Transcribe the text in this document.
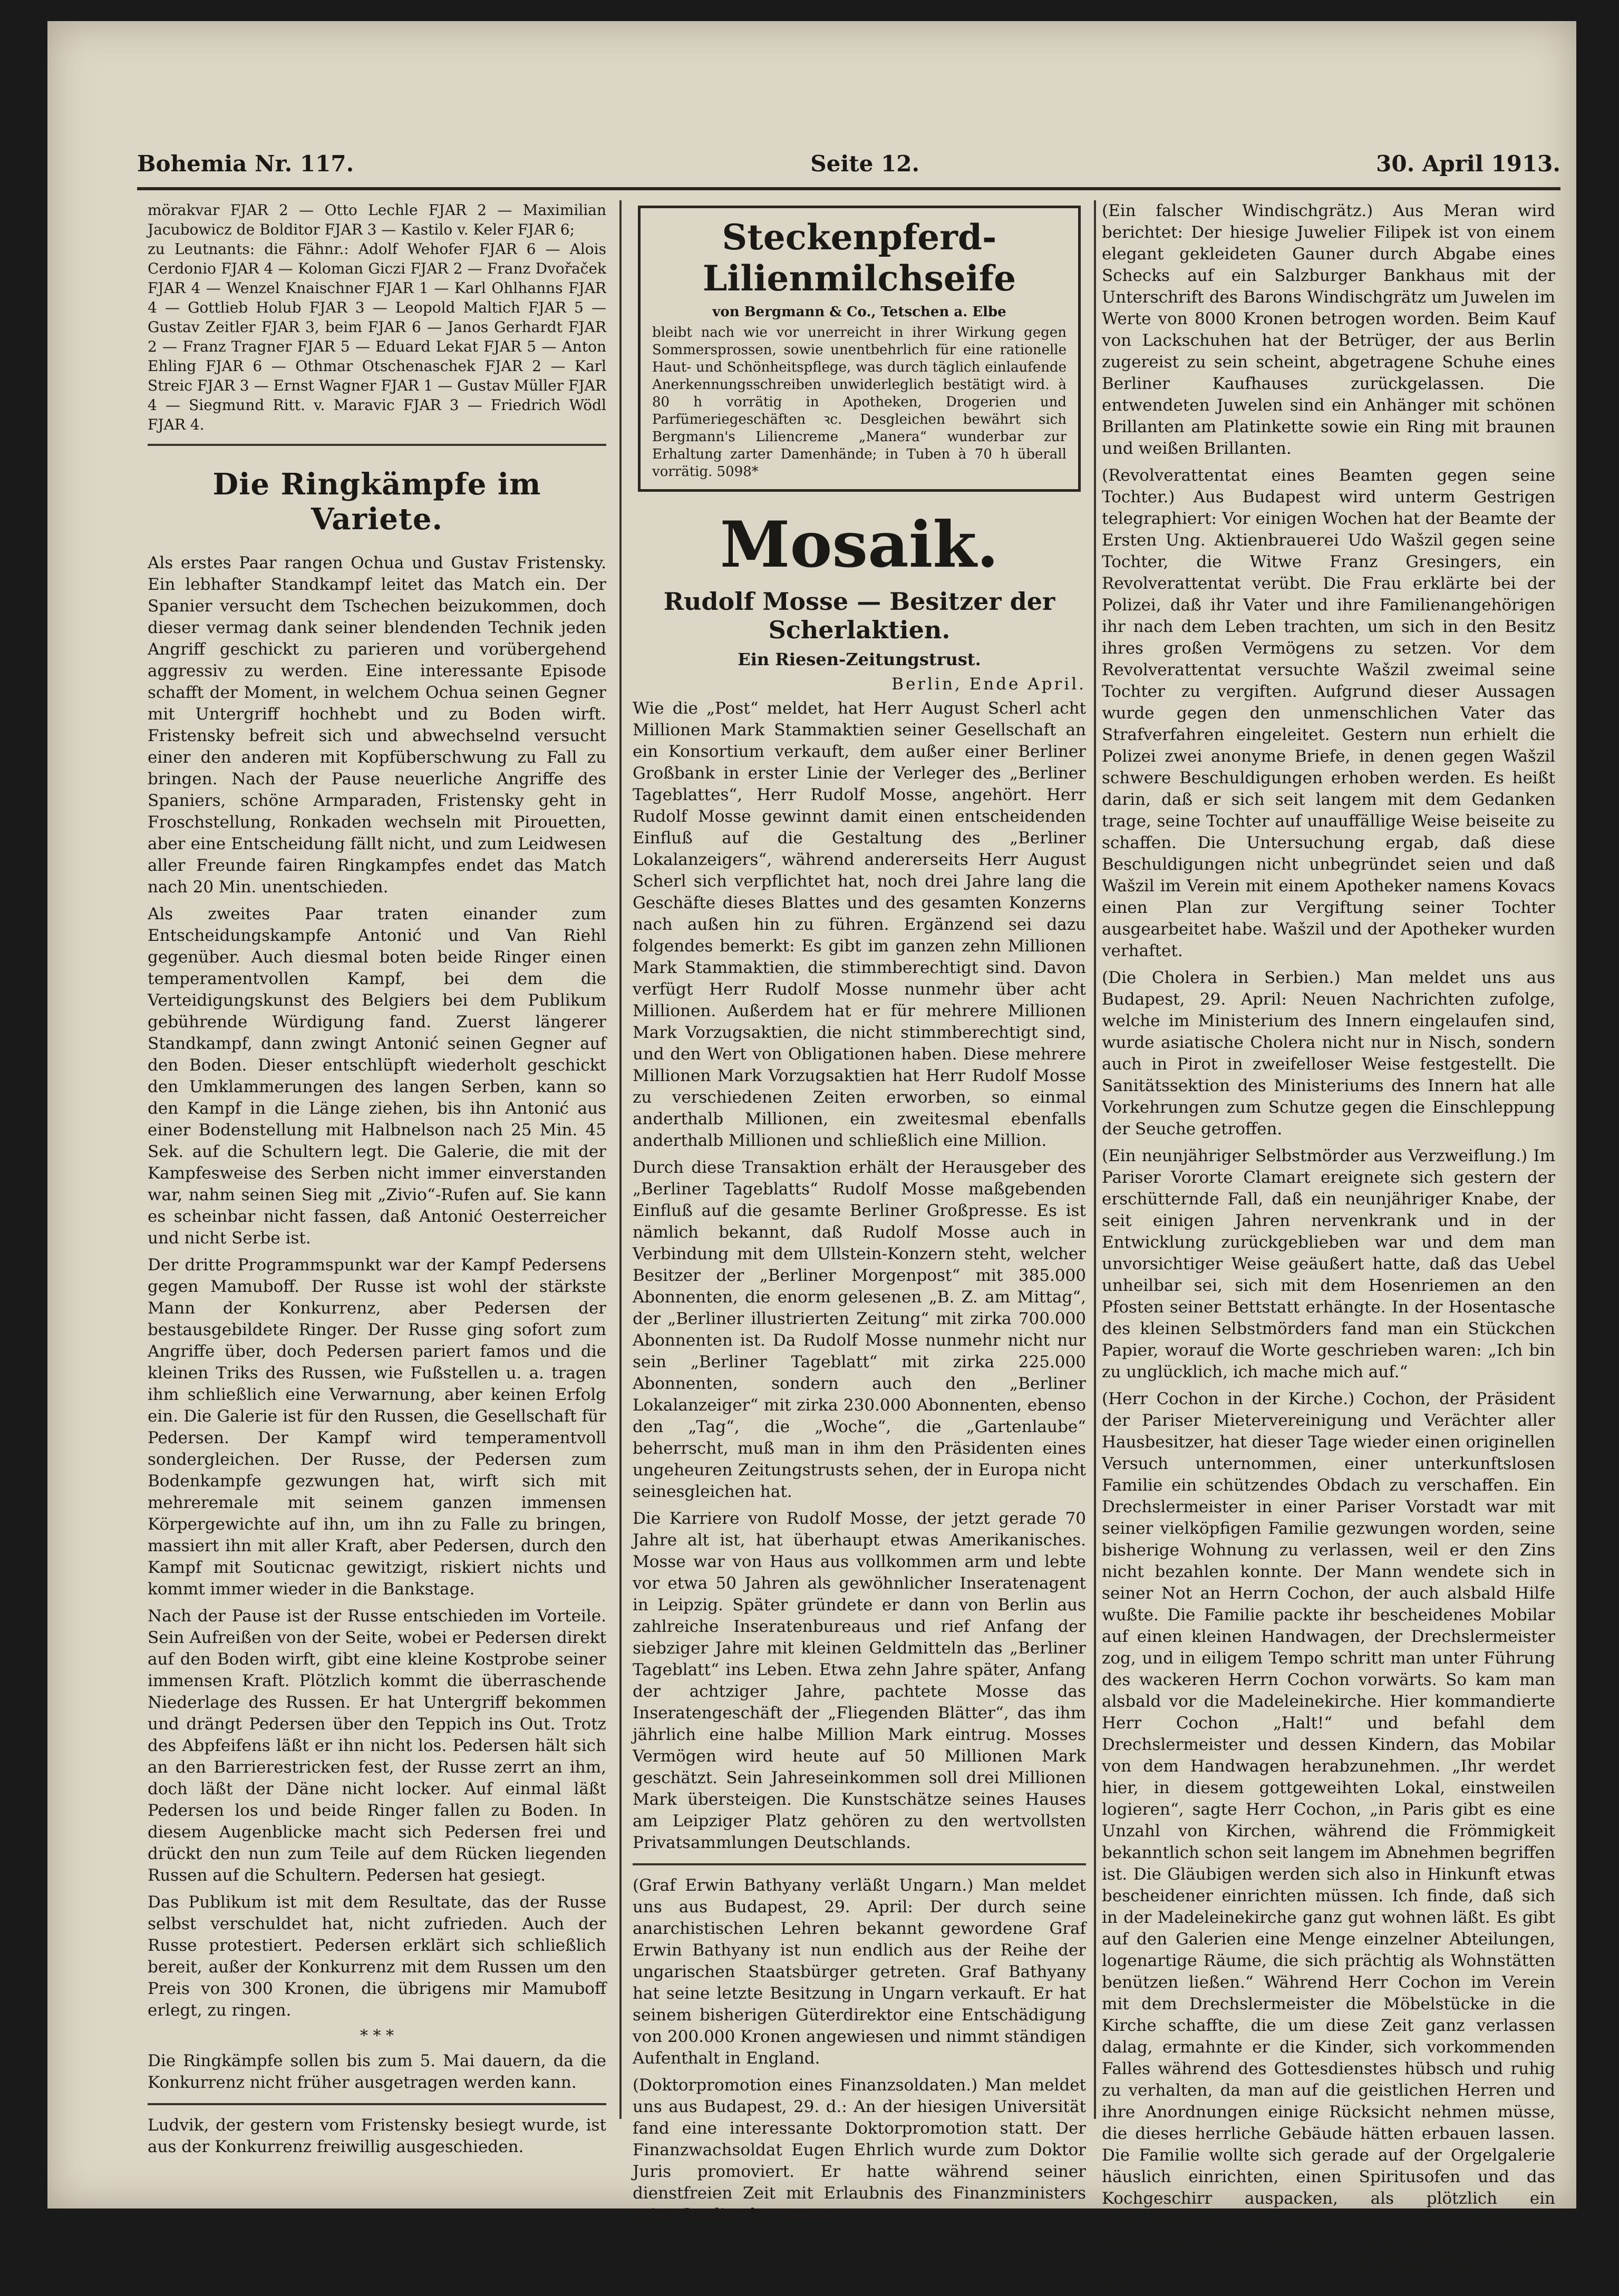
Bohemia Nr. 117.	Seite 12.	30. April 1913.

mörakvar FJAR 2 — Otto Lechle FJAR 2 — Maximilian Jacubowicz de Bolditor FJAR 3 — Kastilo v. Keler FJAR 6;

zu Leutnants: die Fähnr.: Adolf Wehofer FJAR 6 — Alois Cerdonio FJAR 4 — Koloman Giczi FJAR 2 — Franz Dvořaček FJAR 4 — Wenzel Knaischner FJAR 1 — Karl Ohlhanns FJAR 4 — Gottlieb Holub FJAR 3 — Leopold Maltich FJAR 5 — Gustav Zeitler FJAR 3, beim FJAR 6 — Janos Gerhardt FJAR 2 — Franz Tragner FJAR 5 — Eduard Lekat FJAR 5 — Anton Ehling FJAR 6 — Othmar Otschenaschek FJAR 2 — Karl Streic FJAR 3 — Ernst Wagner FJAR 1 — Gustav Müller FJAR 4 — Siegmund Ritt. v. Maravic FJAR 3 — Friedrich Wödl FJAR 4.

Die Ringkämpfe im Variete.

Als erstes Paar rangen Ochua und Gustav Fristensky. Ein lebhafter Standkampf leitet das Match ein. Der Spanier versucht dem Tschechen beizukommen, doch dieser vermag dank seiner blendenden Technik jeden Angriff geschickt zu parieren und vorübergehend aggressiv zu werden. Eine interessante Episode schafft der Moment, in welchem Ochua seinen Gegner mit Untergriff hochhebt und zu Boden wirft. Fristensky befreit sich und abwechselnd versucht einer den anderen mit Kopfüberschwung zu Fall zu bringen. Nach der Pause neuerliche Angriffe des Spaniers, schöne Armparaden, Fristensky geht in Froschstellung, Ronkaden wechseln mit Pirouetten, aber eine Entscheidung fällt nicht, und zum Leidwesen aller Freunde fairen Ringkampfes endet das Match nach 20 Min. unentschieden.

Als zweites Paar traten einander zum Entscheidungskampfe Antonić und Van Riehl gegenüber. Auch diesmal boten beide Ringer einen temperamentvollen Kampf, bei dem die Verteidigungskunst des Belgiers bei dem Publikum gebührende Würdigung fand. Zuerst längerer Standkampf, dann zwingt Antonić seinen Gegner auf den Boden. Dieser entschlüpft wiederholt geschickt den Umklammerungen des langen Serben, kann so den Kampf in die Länge ziehen, bis ihn Antonić aus einer Bodenstellung mit Halbnelson nach 25 Min. 45 Sek. auf die Schultern legt. Die Galerie, die mit der Kampfesweise des Serben nicht immer einverstanden war, nahm seinen Sieg mit „Zivio“-Rufen auf. Sie kann es scheinbar nicht fassen, daß Antonić Oesterreicher und nicht Serbe ist.

Der dritte Programmspunkt war der Kampf Pedersens gegen Mamuboff. Der Russe ist wohl der stärkste Mann der Konkurrenz, aber Pedersen der bestausgebildete Ringer. Der Russe ging sofort zum Angriffe über, doch Pedersen pariert famos und die kleinen Triks des Russen, wie Fußstellen u. a. tragen ihm schließlich eine Verwarnung, aber keinen Erfolg ein. Die Galerie ist für den Russen, die Gesellschaft für Pedersen. Der Kampf wird temperamentvoll sondergleichen. Der Russe, der Pedersen zum Bodenkampfe gezwungen hat, wirft sich mit mehreremale mit seinem ganzen immensen Körpergewichte auf ihn, um ihn zu Falle zu bringen, massiert ihn mit aller Kraft, aber Pedersen, durch den Kampf mit Souticnac gewitzigt, riskiert nichts und kommt immer wieder in die Bankstage.

Nach der Pause ist der Russe entschieden im Vorteile. Sein Aufreißen von der Seite, wobei er Pedersen direkt auf den Boden wirft, gibt eine kleine Kostprobe seiner immensen Kraft. Plötzlich kommt die überraschende Niederlage des Russen. Er hat Untergriff bekommen und drängt Pedersen über den Teppich ins Out. Trotz des Abpfeifens läßt er ihn nicht los. Pedersen hält sich an den Barrierestricken fest, der Russe zerrt an ihm, doch läßt der Däne nicht locker. Auf einmal läßt Pedersen los und beide Ringer fallen zu Boden. In diesem Augenblicke macht sich Pedersen frei und drückt den nun zum Teile auf dem Rücken liegenden Russen auf die Schultern. Pedersen hat gesiegt.

Das Publikum ist mit dem Resultate, das der Russe selbst verschuldet hat, nicht zufrieden. Auch der Russe protestiert. Pedersen erklärt sich schließlich bereit, außer der Konkurrenz mit dem Russen um den Preis von 300 Kronen, die übrigens mir Mamuboff erlegt, zu ringen.

* * *

Die Ringkämpfe sollen bis zum 5. Mai dauern, da die Konkurrenz nicht früher ausgetragen werden kann.

Ludvik, der gestern vom Fristensky besiegt wurde, ist aus der Konkurrenz freiwillig ausgeschieden.

Steckenpferd-
Lilienmilchseife
von Bergmann & Co., Tetschen a. Elbe

bleibt nach wie vor unerreicht in ihrer Wirkung gegen Sommersprossen, sowie unentbehrlich für eine rationelle Haut- und Schönheitspflege, was durch täglich einlaufende Anerkennungsschreiben unwiderleglich bestätigt wird. à 80 h vorrätig in Apotheken, Drogerien und Parfümeriegeschäften ꝛc. Desgleichen bewährt sich Bergmann's Liliencreme „Manera“ wunderbar zur Erhaltung zarter Damenhände; in Tuben à 70 h überall vorrätig. 5098*

Mosaik.
Rudolf Mosse — Besitzer der Scherlaktien.
Ein Riesen-Zeitungstrust.
Berlin, Ende April.

Wie die „Post“ meldet, hat Herr August Scherl acht Millionen Mark Stammaktien seiner Gesellschaft an ein Konsortium verkauft, dem außer einer Berliner Großbank in erster Linie der Verleger des „Berliner Tageblattes“, Herr Rudolf Mosse, angehört. Herr Rudolf Mosse gewinnt damit einen entscheidenden Einfluß auf die Gestaltung des „Berliner Lokalanzeigers“, während andererseits Herr August Scherl sich verpflichtet hat, noch drei Jahre lang die Geschäfte dieses Blattes und des gesamten Konzerns nach außen hin zu führen. Ergänzend sei dazu folgendes bemerkt: Es gibt im ganzen zehn Millionen Mark Stammaktien, die stimmberechtigt sind. Davon verfügt Herr Rudolf Mosse nunmehr über acht Millionen. Außerdem hat er für mehrere Millionen Mark Vorzugsaktien, die nicht stimmberechtigt sind, und den Wert von Obligationen haben. Diese mehrere Millionen Mark Vorzugsaktien hat Herr Rudolf Mosse zu verschiedenen Zeiten erworben, so einmal anderthalb Millionen, ein zweitesmal ebenfalls anderthalb Millionen und schließlich eine Million.

Durch diese Transaktion erhält der Herausgeber des „Berliner Tageblatts“ Rudolf Mosse maßgebenden Einfluß auf die gesamte Berliner Großpresse. Es ist nämlich bekannt, daß Rudolf Mosse auch in Verbindung mit dem Ullstein-Konzern steht, welcher Besitzer der „Berliner Morgenpost“ mit 385.000 Abonnenten, die enorm gelesenen „B. Z. am Mittag“, der „Berliner illustrierten Zeitung“ mit zirka 700.000 Abonnenten ist. Da Rudolf Mosse nunmehr nicht nur sein „Berliner Tageblatt“ mit zirka 225.000 Abonnenten, sondern auch den „Berliner Lokalanzeiger“ mit zirka 230.000 Abonnenten, ebenso den „Tag“, die „Woche“, die „Gartenlaube“ beherrscht, muß man in ihm den Präsidenten eines ungeheuren Zeitungstrusts sehen, der in Europa nicht seinesgleichen hat.

Die Karriere von Rudolf Mosse, der jetzt gerade 70 Jahre alt ist, hat überhaupt etwas Amerikanisches. Mosse war von Haus aus vollkommen arm und lebte vor etwa 50 Jahren als gewöhnlicher Inseratenagent in Leipzig. Später gründete er dann von Berlin aus zahlreiche Inseratenbureaus und rief Anfang der siebziger Jahre mit kleinen Geldmitteln das „Berliner Tageblatt“ ins Leben. Etwa zehn Jahre später, Anfang der achtziger Jahre, pachtete Mosse das Inseratengeschäft der „Fliegenden Blätter“, das ihm jährlich eine halbe Million Mark eintrug. Mosses Vermögen wird heute auf 50 Millionen Mark geschätzt. Sein Jahreseinkommen soll drei Millionen Mark übersteigen. Die Kunstschätze seines Hauses am Leipziger Platz gehören zu den wertvollsten Privatsammlungen Deutschlands.

(Graf Erwin Bathyany verläßt Ungarn.) Man meldet uns aus Budapest, 29. April: Der durch seine anarchistischen Lehren bekannt gewordene Graf Erwin Bathyany ist nun endlich aus der Reihe der ungarischen Staatsbürger getreten. Graf Bathyany hat seine letzte Besitzung in Ungarn verkauft. Er hat seinem bisherigen Güterdirektor eine Entschädigung von 200.000 Kronen angewiesen und nimmt ständigen Aufenthalt in England.

(Doktorpromotion eines Finanzsoldaten.) Man meldet uns aus Budapest, 29. d.: An der hiesigen Universität fand eine interessante Doktorpromotion statt. Der Finanzwachsoldat Eugen Ehrlich wurde zum Doktor Juris promoviert. Er hatte während seiner dienstfreien Zeit mit Erlaubnis des Finanzministers seine Studien begonnen.

(Ein falscher Windischgrätz.) Aus Meran wird berichtet: Der hiesige Juwelier Filipek ist von einem elegant gekleideten Gauner durch Abgabe eines Schecks auf ein Salzburger Bankhaus mit der Unterschrift des Barons Windischgrätz um Juwelen im Werte von 8000 Kronen betrogen worden. Beim Kauf von Lackschuhen hat der Betrüger, der aus Berlin zugereist zu sein scheint, abgetragene Schuhe eines Berliner Kaufhauses zurückgelassen. Die entwendeten Juwelen sind ein Anhänger mit schönen Brillanten am Platinkette sowie ein Ring mit braunen und weißen Brillanten.

(Revolverattentat eines Beamten gegen seine Tochter.) Aus Budapest wird unterm Gestrigen telegraphiert: Vor einigen Wochen hat der Beamte der Ersten Ung. Aktienbrauerei Udo Wašzil gegen seine Tochter, die Witwe Franz Gresingers, ein Revolverattentat verübt. Die Frau erklärte bei der Polizei, daß ihr Vater und ihre Familienangehörigen ihr nach dem Leben trachten, um sich in den Besitz ihres großen Vermögens zu setzen. Vor dem Revolverattentat versuchte Wašzil zweimal seine Tochter zu vergiften. Aufgrund dieser Aussagen wurde gegen den unmenschlichen Vater das Strafverfahren eingeleitet. Gestern nun erhielt die Polizei zwei anonyme Briefe, in denen gegen Wašzil schwere Beschuldigungen erhoben werden. Es heißt darin, daß er sich seit langem mit dem Gedanken trage, seine Tochter auf unauffällige Weise beiseite zu schaffen. Die Untersuchung ergab, daß diese Beschuldigungen nicht unbegründet seien und daß Wašzil im Verein mit einem Apotheker namens Kovacs einen Plan zur Vergiftung seiner Tochter ausgearbeitet habe. Wašzil und der Apotheker wurden verhaftet.

(Die Cholera in Serbien.) Man meldet uns aus Budapest, 29. April: Neuen Nachrichten zufolge, welche im Ministerium des Innern eingelaufen sind, wurde asiatische Cholera nicht nur in Nisch, sondern auch in Pirot in zweifelloser Weise festgestellt. Die Sanitätssektion des Ministeriums des Innern hat alle Vorkehrungen zum Schutze gegen die Einschleppung der Seuche getroffen.

(Ein neunjähriger Selbstmörder aus Verzweiflung.) Im Pariser Vororte Clamart ereignete sich gestern der erschütternde Fall, daß ein neunjähriger Knabe, der seit einigen Jahren nervenkrank und in der Entwicklung zurückgeblieben war und dem man unvorsichtiger Weise geäußert hatte, daß das Uebel unheilbar sei, sich mit dem Hosenriemen an den Pfosten seiner Bettstatt erhängte. In der Hosentasche des kleinen Selbstmörders fand man ein Stückchen Papier, worauf die Worte geschrieben waren: „Ich bin zu unglücklich, ich mache mich auf.“

(Herr Cochon in der Kirche.) Cochon, der Präsident der Pariser Mietervereinigung und Verächter aller Hausbesitzer, hat dieser Tage wieder einen originellen Versuch unternommen, einer unterkunftslosen Familie ein schützendes Obdach zu verschaffen. Ein Drechslermeister in einer Pariser Vorstadt war mit seiner vielköpfigen Familie gezwungen worden, seine bisherige Wohnung zu verlassen, weil er den Zins nicht bezahlen konnte. Der Mann wendete sich in seiner Not an Herrn Cochon, der auch alsbald Hilfe wußte. Die Familie packte ihr bescheidenes Mobilar auf einen kleinen Handwagen, der Drechslermeister zog, und in eiligem Tempo schritt man unter Führung des wackeren Herrn Cochon vorwärts. So kam man alsbald vor die Madeleinekirche. Hier kommandierte Herr Cochon „Halt!“ und befahl dem Drechslermeister und dessen Kindern, das Mobilar von dem Handwagen herabzunehmen. „Ihr werdet hier, in diesem gottgeweihten Lokal, einstweilen logieren“, sagte Herr Cochon, „in Paris gibt es eine Unzahl von Kirchen, während die Frömmigkeit bekanntlich schon seit langem im Abnehmen begriffen ist. Die Gläubigen werden sich also in Hinkunft etwas bescheidener einrichten müssen. Ich finde, daß sich in der Madeleinekirche ganz gut wohnen läßt. Es gibt auf den Galerien eine Menge einzelner Abteilungen, logenartige Räume, die sich prächtig als Wohnstätten benützen ließen.“ Während Herr Cochon im Verein mit dem Drechslermeister die Möbelstücke in die Kirche schaffte, die um diese Zeit ganz verlassen dalag, ermahnte er die Kinder, sich vorkommenden Falles während des Gottesdienstes hübsch und ruhig zu verhalten, da man auf die geistlichen Herren und ihre Anordnungen einige Rücksicht nehmen müsse, die dieses herrliche Gebäude hätten erbauen lassen. Die Familie wollte sich gerade auf der Orgelgalerie häuslich einrichten, einen Spiritusofen und das Kochgeschirr auspacken, als plötzlich ein Kirchendiener erschien, der vor Erstaunen fassungslos stehen blieb. Herr Cochon herrschte ihn aber gleich an: „Sie sind ein kräftiger Mann. Helfen Sie uns, hier
